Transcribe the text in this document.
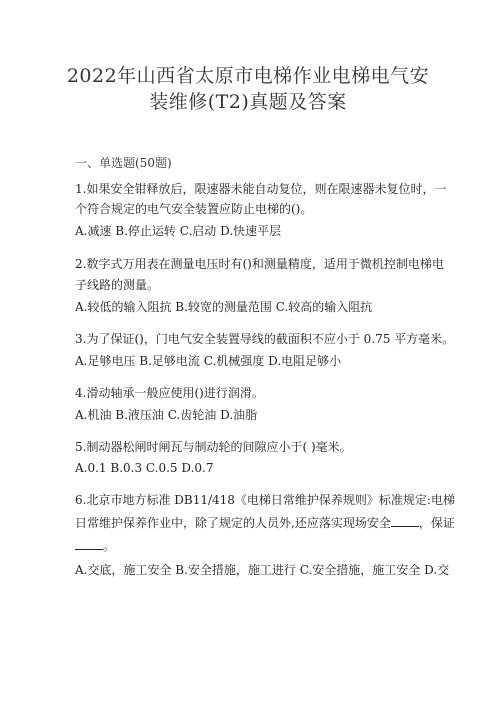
2022年山西省太原市电梯作业电梯电气安
装维修(T2)真题及答案
一、单选题(50题)
1.如果安全钳释放后，限速器未能自动复位，则在限速器未复位时，一
个符合规定的电气安全装置应防止电梯的()。
A.减速 B.停止运转 C.启动 D.快速平层
2.数字式万用表在测量电压时有()和测量精度，适用于微机控制电梯电
子线路的测量。
A.较低的输入阻抗 B.较宽的测量范围 C.较高的输入阻抗
3.为了保证()，门电气安全装置导线的截面积不应小于 0.75 平方毫米。
A.足够电压 B.足够电流 C.机械强度 D.电阻足够小
4.滑动轴承一般应使用()进行润滑。
A.机油 B.液压油 C.齿轮油 D.油脂
5.制动器松闸时闸瓦与制动轮的间隙应小于( )毫米。
A.0.1 B.0.3 C.0.5 D.0.7
6.北京市地方标准 DB11/418《电梯日常维护保养规则》标准规定:电梯
日常维护保养作业中，除了规定的人员外,还应落实现场安全 ，保证
。
A.交底，施工安全 B.安全措施，施工进行 C.安全措施，施工安全 D.交
